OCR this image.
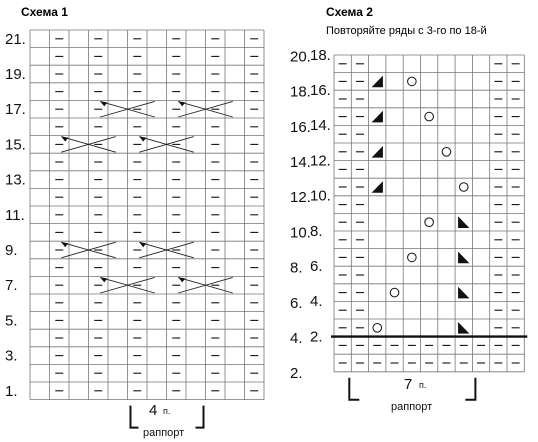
Схема 1	Схема 2
Повторяйте ряды с 3-го по 18-й
4 п.
раппорт
7 п.
раппорт
1.
3.
5.
7.
9.
11.
13.
15.
17.
19.
21.
2.
4.
6.
8.
10.
12.
14.
16.
18.
20.
2.
4.
6.
8.
10.
12.
14.
16.
18.
